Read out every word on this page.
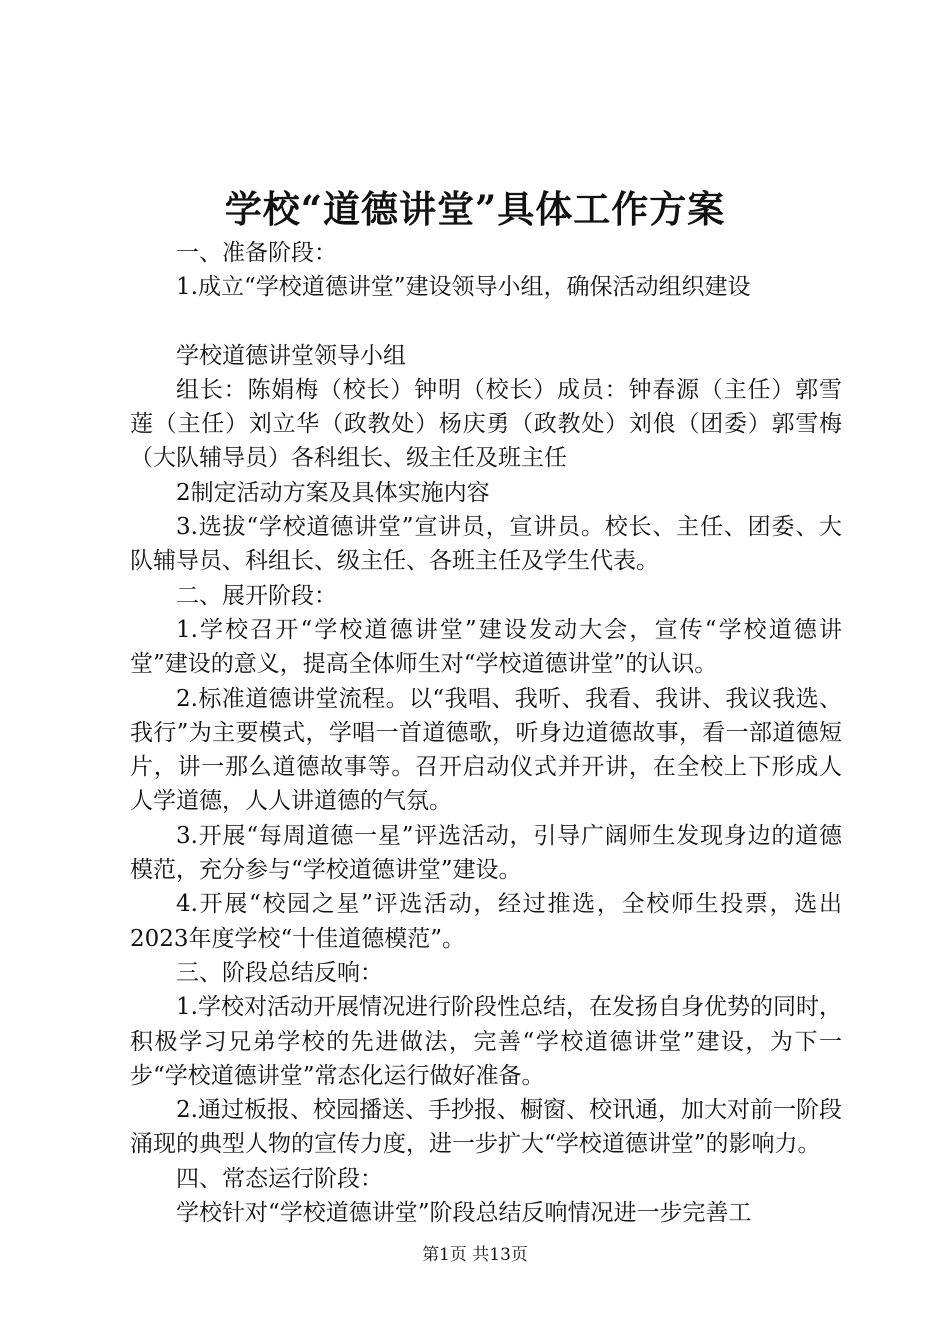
学校“道德讲堂”具体工作方案

一、准备阶段：

1.成立“学校道德讲堂”建设领导小组，确保活动组织建设

学校道德讲堂领导小组

组长：陈娟梅（校长）钟明（校长）成员：钟春源（主任）郭雪莲（主任）刘立华（政教处）杨庆勇（政教处）刘俍（团委）郭雪梅（大队辅导员）各科组长、级主任及班主任

2制定活动方案及具体实施内容

3.选拔“学校道德讲堂”宣讲员，宣讲员。校长、主任、团委、大队辅导员、科组长、级主任、各班主任及学生代表。

二、展开阶段：

1.学校召开“学校道德讲堂”建设发动大会，宣传“学校道德讲堂”建设的意义，提高全体师生对“学校道德讲堂”的认识。

2.标准道德讲堂流程。以“我唱、我听、我看、我讲、我议我选、我行”为主要模式，学唱一首道德歌，听身边道德故事，看一部道德短片，讲一那么道德故事等。召开启动仪式并开讲，在全校上下形成人人学道德，人人讲道德的气氛。

3.开展“每周道德一星”评选活动，引导广阔师生发现身边的道德模范，充分参与“学校道德讲堂”建设。

4.开展“校园之星”评选活动，经过推选，全校师生投票，选出2023年度学校“十佳道德模范”。

三、阶段总结反响：

1.学校对活动开展情况进行阶段性总结，在发扬自身优势的同时，积极学习兄弟学校的先进做法，完善“学校道德讲堂”建设，为下一步“学校道德讲堂”常态化运行做好准备。

2.通过板报、校园播送、手抄报、橱窗、校讯通，加大对前一阶段涌现的典型人物的宣传力度，进一步扩大“学校道德讲堂”的影响力。

四、常态运行阶段：

学校针对“学校道德讲堂”阶段总结反响情况进一步完善工

第1页 共13页
